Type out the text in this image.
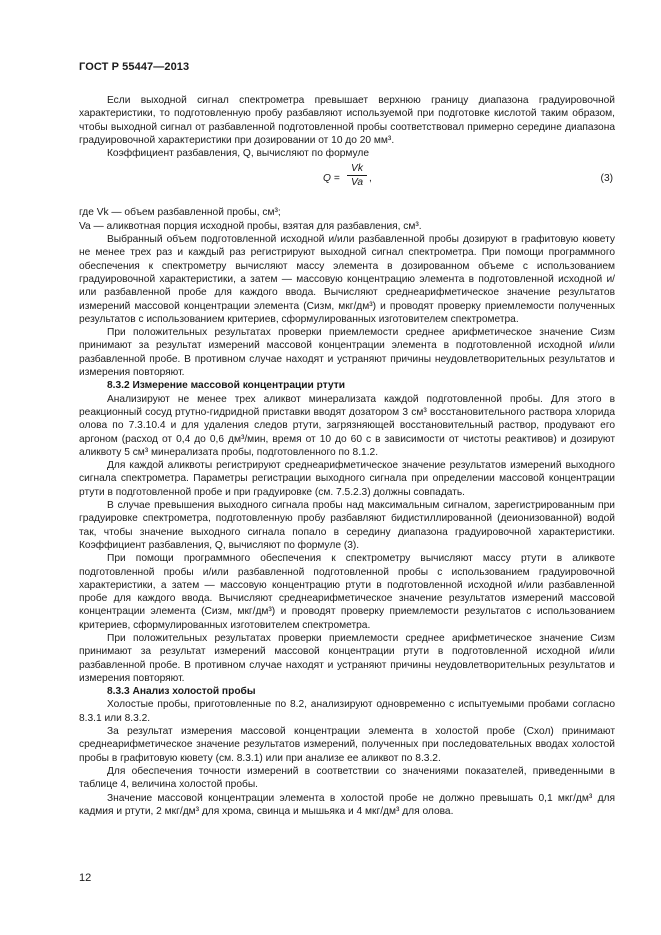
ГОСТ Р 55447—2013

Если выходной сигнал спектрометра превышает верхнюю границу диапазона градуировочной характеристики, то подготовленную пробу разбавляют используемой при подготовке кислотой таким образом, чтобы выходной сигнал от разбавленной подготовленной пробы соответствовал примерно середине диапазона градуировочной характеристики при дозировании от 10 до 20 мм³.

Коэффициент разбавления, Q, вычисляют по формуле

$Q = \frac{Vk}{Va}$ ,	(3)

где Vk — объем разбавленной пробы, см³;

Va — аликвотная порция исходной пробы, взятая для разбавления, см³.

Выбранный объем подготовленной исходной и/или разбавленной пробы дозируют в графитовую кювету не менее трех раз и каждый раз регистрируют выходной сигнал спектрометра. При помощи программного обеспечения к спектрометру вычисляют массу элемента в дозированном объеме с использованием градуировочной характеристики, а затем — массовую концентрацию элемента в подготовленной исходной и/или разбавленной пробе для каждого ввода. Вычисляют среднеарифметическое значение результатов измерений массовой концентрации элемента (Cизм, мкг/дм³) и проводят проверку приемлемости полученных результатов с использованием критериев, сформулированных изготовителем спектрометра.

При положительных результатах проверки приемлемости среднее арифметическое значение Cизм принимают за результат измерений массовой концентрации элемента в подготовленной исходной и/или разбавленной пробе. В противном случае находят и устраняют причины неудовлетворительных результатов и измерения повторяют.

8.3.2 Измерение массовой концентрации ртути

Анализируют не менее трех аликвот минерализата каждой подготовленной пробы. Для этого в реакционный сосуд ртутно-гидридной приставки вводят дозатором 3 см³ восстановительного раствора хлорида олова по 7.3.10.4 и для удаления следов ртути, загрязняющей восстановительный раствор, продувают его аргоном (расход от 0,4 до 0,6 дм³/мин, время от 10 до 60 с в зависимости от чистоты реактивов) и дозируют аликвоту 5 см³ минерализата пробы, подготовленного по 8.1.2.

Для каждой аликвоты регистрируют среднеарифметическое значение результатов измерений выходного сигнала спектрометра. Параметры регистрации выходного сигнала при определении массовой концентрации ртути в подготовленной пробе и при градуировке (см. 7.5.2.3) должны совпадать.

В случае превышения выходного сигнала пробы над максимальным сигналом, зарегистрированным при градуировке спектрометра, подготовленную пробу разбавляют бидистиллированной (деионизованной) водой так, чтобы значение выходного сигнала попало в середину диапазона градуировочной характеристики. Коэффициент разбавления, Q, вычисляют по формуле (3).

При помощи программного обеспечения к спектрометру вычисляют массу ртути в аликвоте подготовленной пробы и/или разбавленной подготовленной пробы с использованием градуировочной характеристики, а затем — массовую концентрацию ртути в подготовленной исходной и/или разбавленной пробе для каждого ввода. Вычисляют среднеарифметическое значение результатов измерений массовой концентрации элемента (Cизм, мкг/дм³) и проводят проверку приемлемости результатов с использованием критериев, сформулированных изготовителем спектрометра.

При положительных результатах проверки приемлемости среднее арифметическое значение Cизм принимают за результат измерений массовой концентрации ртути в подготовленной исходной и/или разбавленной пробе. В противном случае находят и устраняют причины неудовлетворительных результатов и измерения повторяют.

8.3.3 Анализ холостой пробы

Холостые пробы, приготовленные по 8.2, анализируют одновременно с испытуемыми пробами согласно 8.3.1 или 8.3.2.

За результат измерения массовой концентрации элемента в холостой пробе (Cхол) принимают среднеарифметическое значение результатов измерений, полученных при последовательных вводах холостой пробы в графитовую кювету (см. 8.3.1) или при анализе ее аликвот по 8.3.2.

Для обеспечения точности измерений в соответствии со значениями показателей, приведенными в таблице 4, величина холостой пробы.

Значение массовой концентрации элемента в холостой пробе не должно превышать 0,1 мкг/дм³ для кадмия и ртути, 2 мкг/дм³ для хрома, свинца и мышьяка и 4 мкг/дм³ для олова.

12
